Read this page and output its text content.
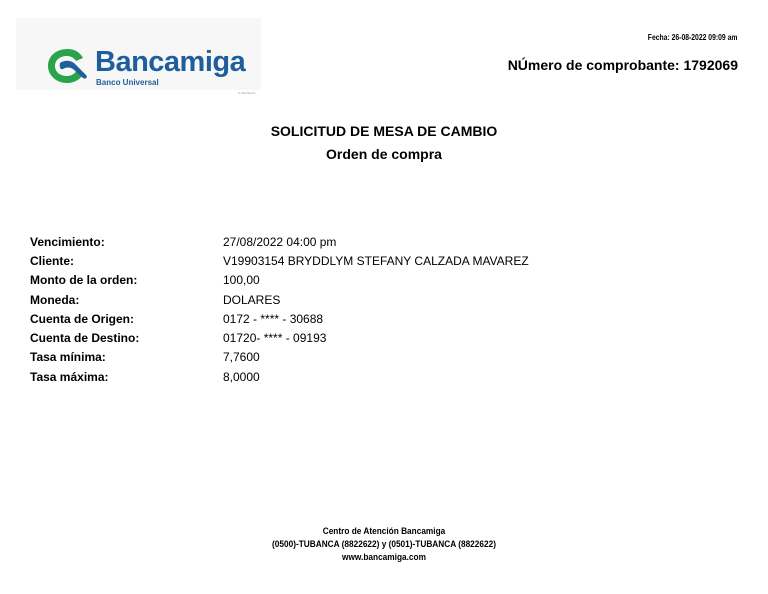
Bancamiga
Banco Universal
G-200 Banco
Fecha: 26-08-2022 09:09 am
NÚmero de comprobante: 1792069
SOLICITUD DE MESA DE CAMBIO
Orden de compra
Vencimiento:	27/08/2022 04:00 pm
Cliente:	V19903154 BRYDDLYM STEFANY CALZADA MAVAREZ
Monto de la orden:	100,00
Moneda:	DOLARES
Cuenta de Origen:	0172 - **** - 30688
Cuenta de Destino:	01720- **** - 09193
Tasa mínima:	7,7600
Tasa máxima:	8,0000
Centro de Atención Bancamiga
(0500)-TUBANCA (8822622) y (0501)-TUBANCA (8822622)
www.bancamiga.com
